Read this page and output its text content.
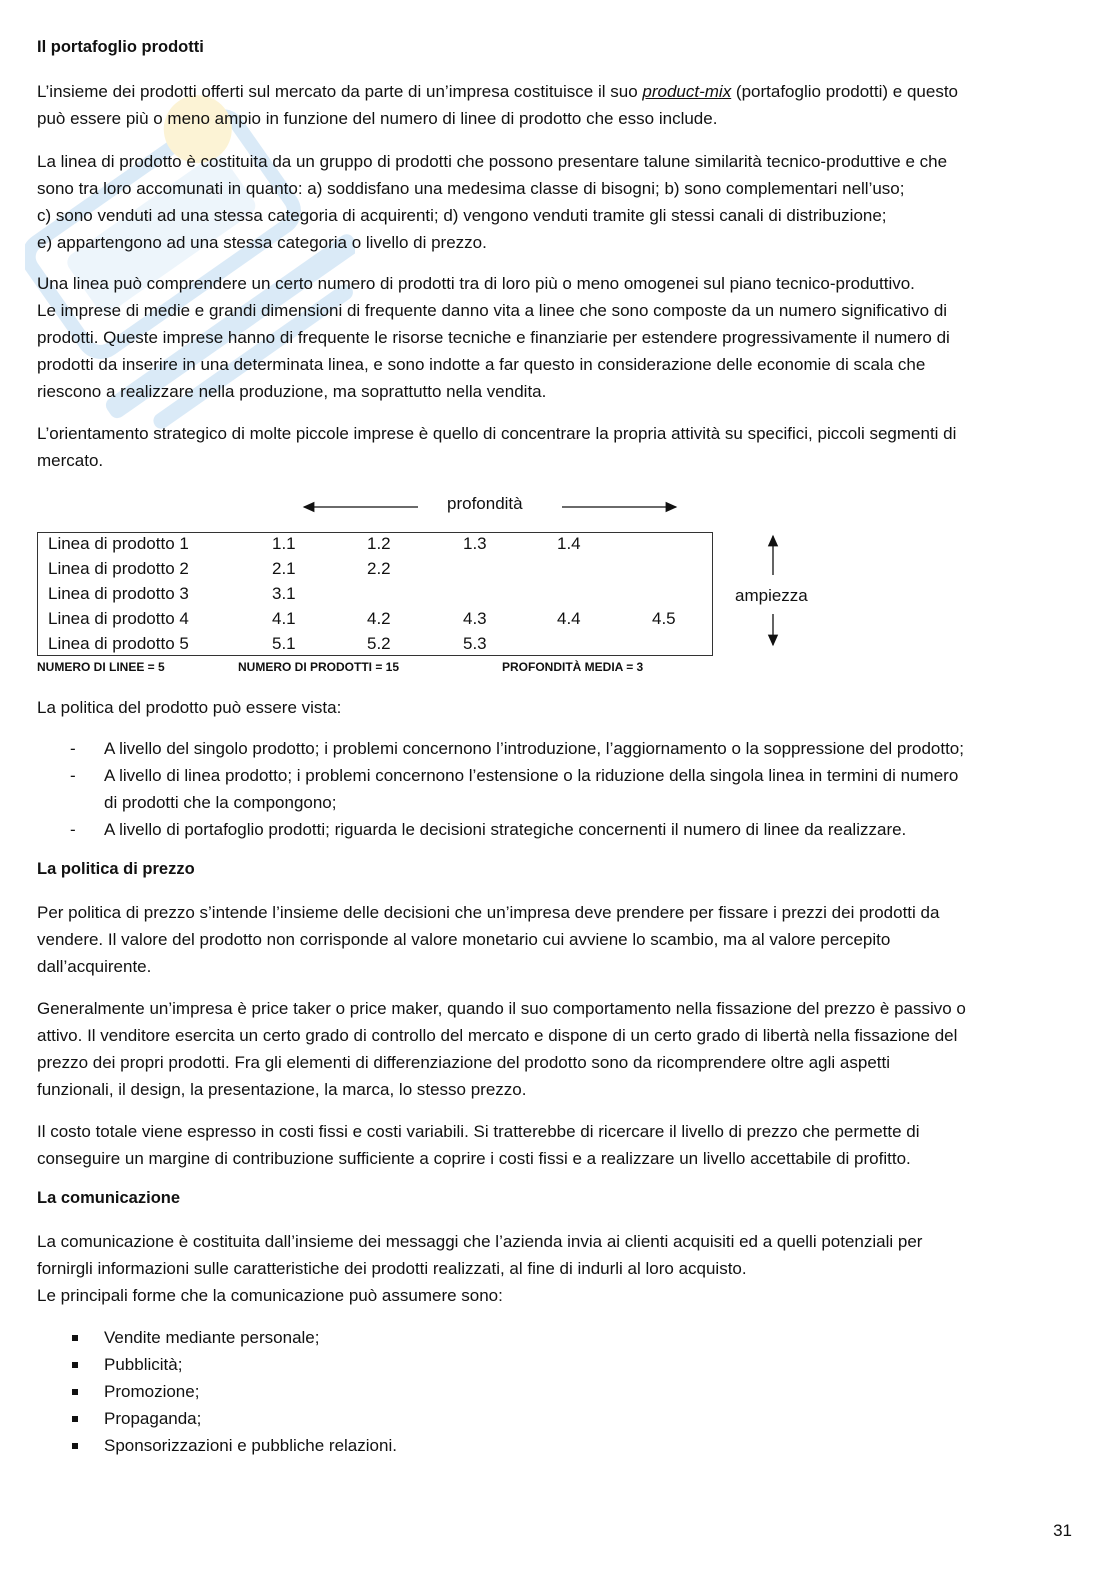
Il portafoglio prodotti

L’insieme dei prodotti offerti sul mercato da parte di un’impresa costituisce il suo product-mix (portafoglio prodotti) e questo
può essere più o meno ampio in funzione del numero di linee di prodotto che esso include.

La linea di prodotto è costituita da un gruppo di prodotti che possono presentare talune similarità tecnico-produttive e che
sono tra loro accomunati in quanto: a) soddisfano una medesima classe di bisogni; b) sono complementari nell’uso;
c) sono venduti ad una stessa categoria di acquirenti; d) vengono venduti tramite gli stessi canali di distribuzione;
e) appartengono ad una stessa categoria o livello di prezzo.

Una linea può comprendere un certo numero di prodotti tra di loro più o meno omogenei sul piano tecnico-produttivo.
Le imprese di medie e grandi dimensioni di frequente danno vita a linee che sono composte da un numero significativo di
prodotti. Queste imprese hanno di frequente le risorse tecniche e finanziarie per estendere progressivamente il numero di
prodotti da inserire in una determinata linea, e sono indotte a far questo in considerazione delle economie di scala che
riescono a realizzare nella produzione, ma soprattutto nella vendita.

L’orientamento strategico di molte piccole imprese è quello di concentrare la propria attività su specifici, piccoli segmenti di
mercato.

profondità
Linea di prodotto 1	1.1	1.2	1.3	1.4
Linea di prodotto 2	2.1	2.2
Linea di prodotto 3	3.1
Linea di prodotto 4	4.1	4.2	4.3	4.4	4.5
Linea di prodotto 5	5.1	5.2	5.3
ampiezza
NUMERO DI LINEE = 5	NUMERO DI PRODOTTI = 15	PROFONDITÀ MEDIA = 3

La politica del prodotto può essere vista:

- A livello del singolo prodotto; i problemi concernono l’introduzione, l’aggiornamento o la soppressione del prodotto;
- A livello di linea prodotto; i problemi concernono l’estensione o la riduzione della singola linea in termini di numero
di prodotti che la compongono;
- A livello di portafoglio prodotti; riguarda le decisioni strategiche concernenti il numero di linee da realizzare.
La politica di prezzo

Per politica di prezzo s’intende l’insieme delle decisioni che un’impresa deve prendere per fissare i prezzi dei prodotti da
vendere. Il valore del prodotto non corrisponde al valore monetario cui avviene lo scambio, ma al valore percepito
dall’acquirente.

Generalmente un’impresa è price taker o price maker, quando il suo comportamento nella fissazione del prezzo è passivo o
attivo. Il venditore esercita un certo grado di controllo del mercato e dispone di un certo grado di libertà nella fissazione del
prezzo dei propri prodotti. Fra gli elementi di differenziazione del prodotto sono da ricomprendere oltre agli aspetti
funzionali, il design, la presentazione, la marca, lo stesso prezzo.

Il costo totale viene espresso in costi fissi e costi variabili. Si tratterebbe di ricercare il livello di prezzo che permette di
conseguire un margine di contribuzione sufficiente a coprire i costi fissi e a realizzare un livello accettabile di profitto.

La comunicazione

La comunicazione è costituita dall’insieme dei messaggi che l’azienda invia ai clienti acquisiti ed a quelli potenziali per
fornirgli informazioni sulle caratteristiche dei prodotti realizzati, al fine di indurli al loro acquisto.
Le principali forme che la comunicazione può assumere sono:

Vendite mediante personale;
Pubblicità;
Promozione;
Propaganda;
Sponsorizzazioni e pubbliche relazioni.
31
